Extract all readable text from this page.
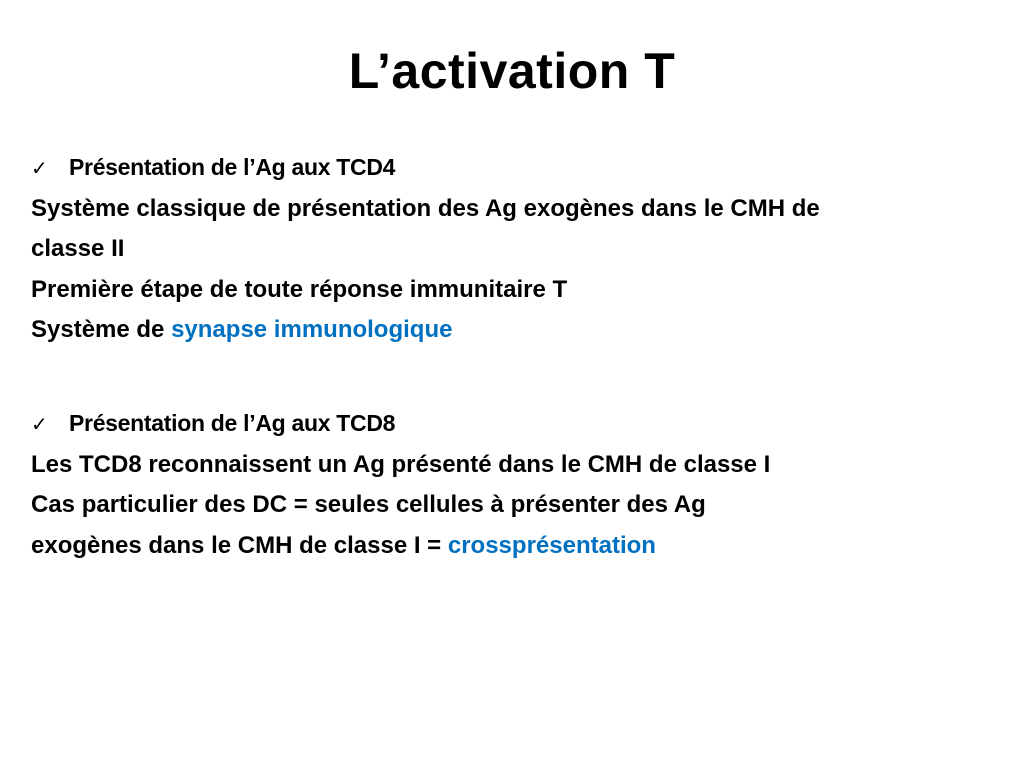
L’activation T
✓ Présentation de l’Ag aux TCD4
Système classique de présentation des Ag exogènes dans le CMH de
classe II
Première étape de toute réponse immunitaire T
Système de synapse immunologique
✓ Présentation de l’Ag aux TCD8
Les TCD8 reconnaissent un Ag présenté dans le CMH de classe I
Cas particulier des DC = seules cellules à présenter des Ag
exogènes dans le CMH de classe I = crossprésentation
